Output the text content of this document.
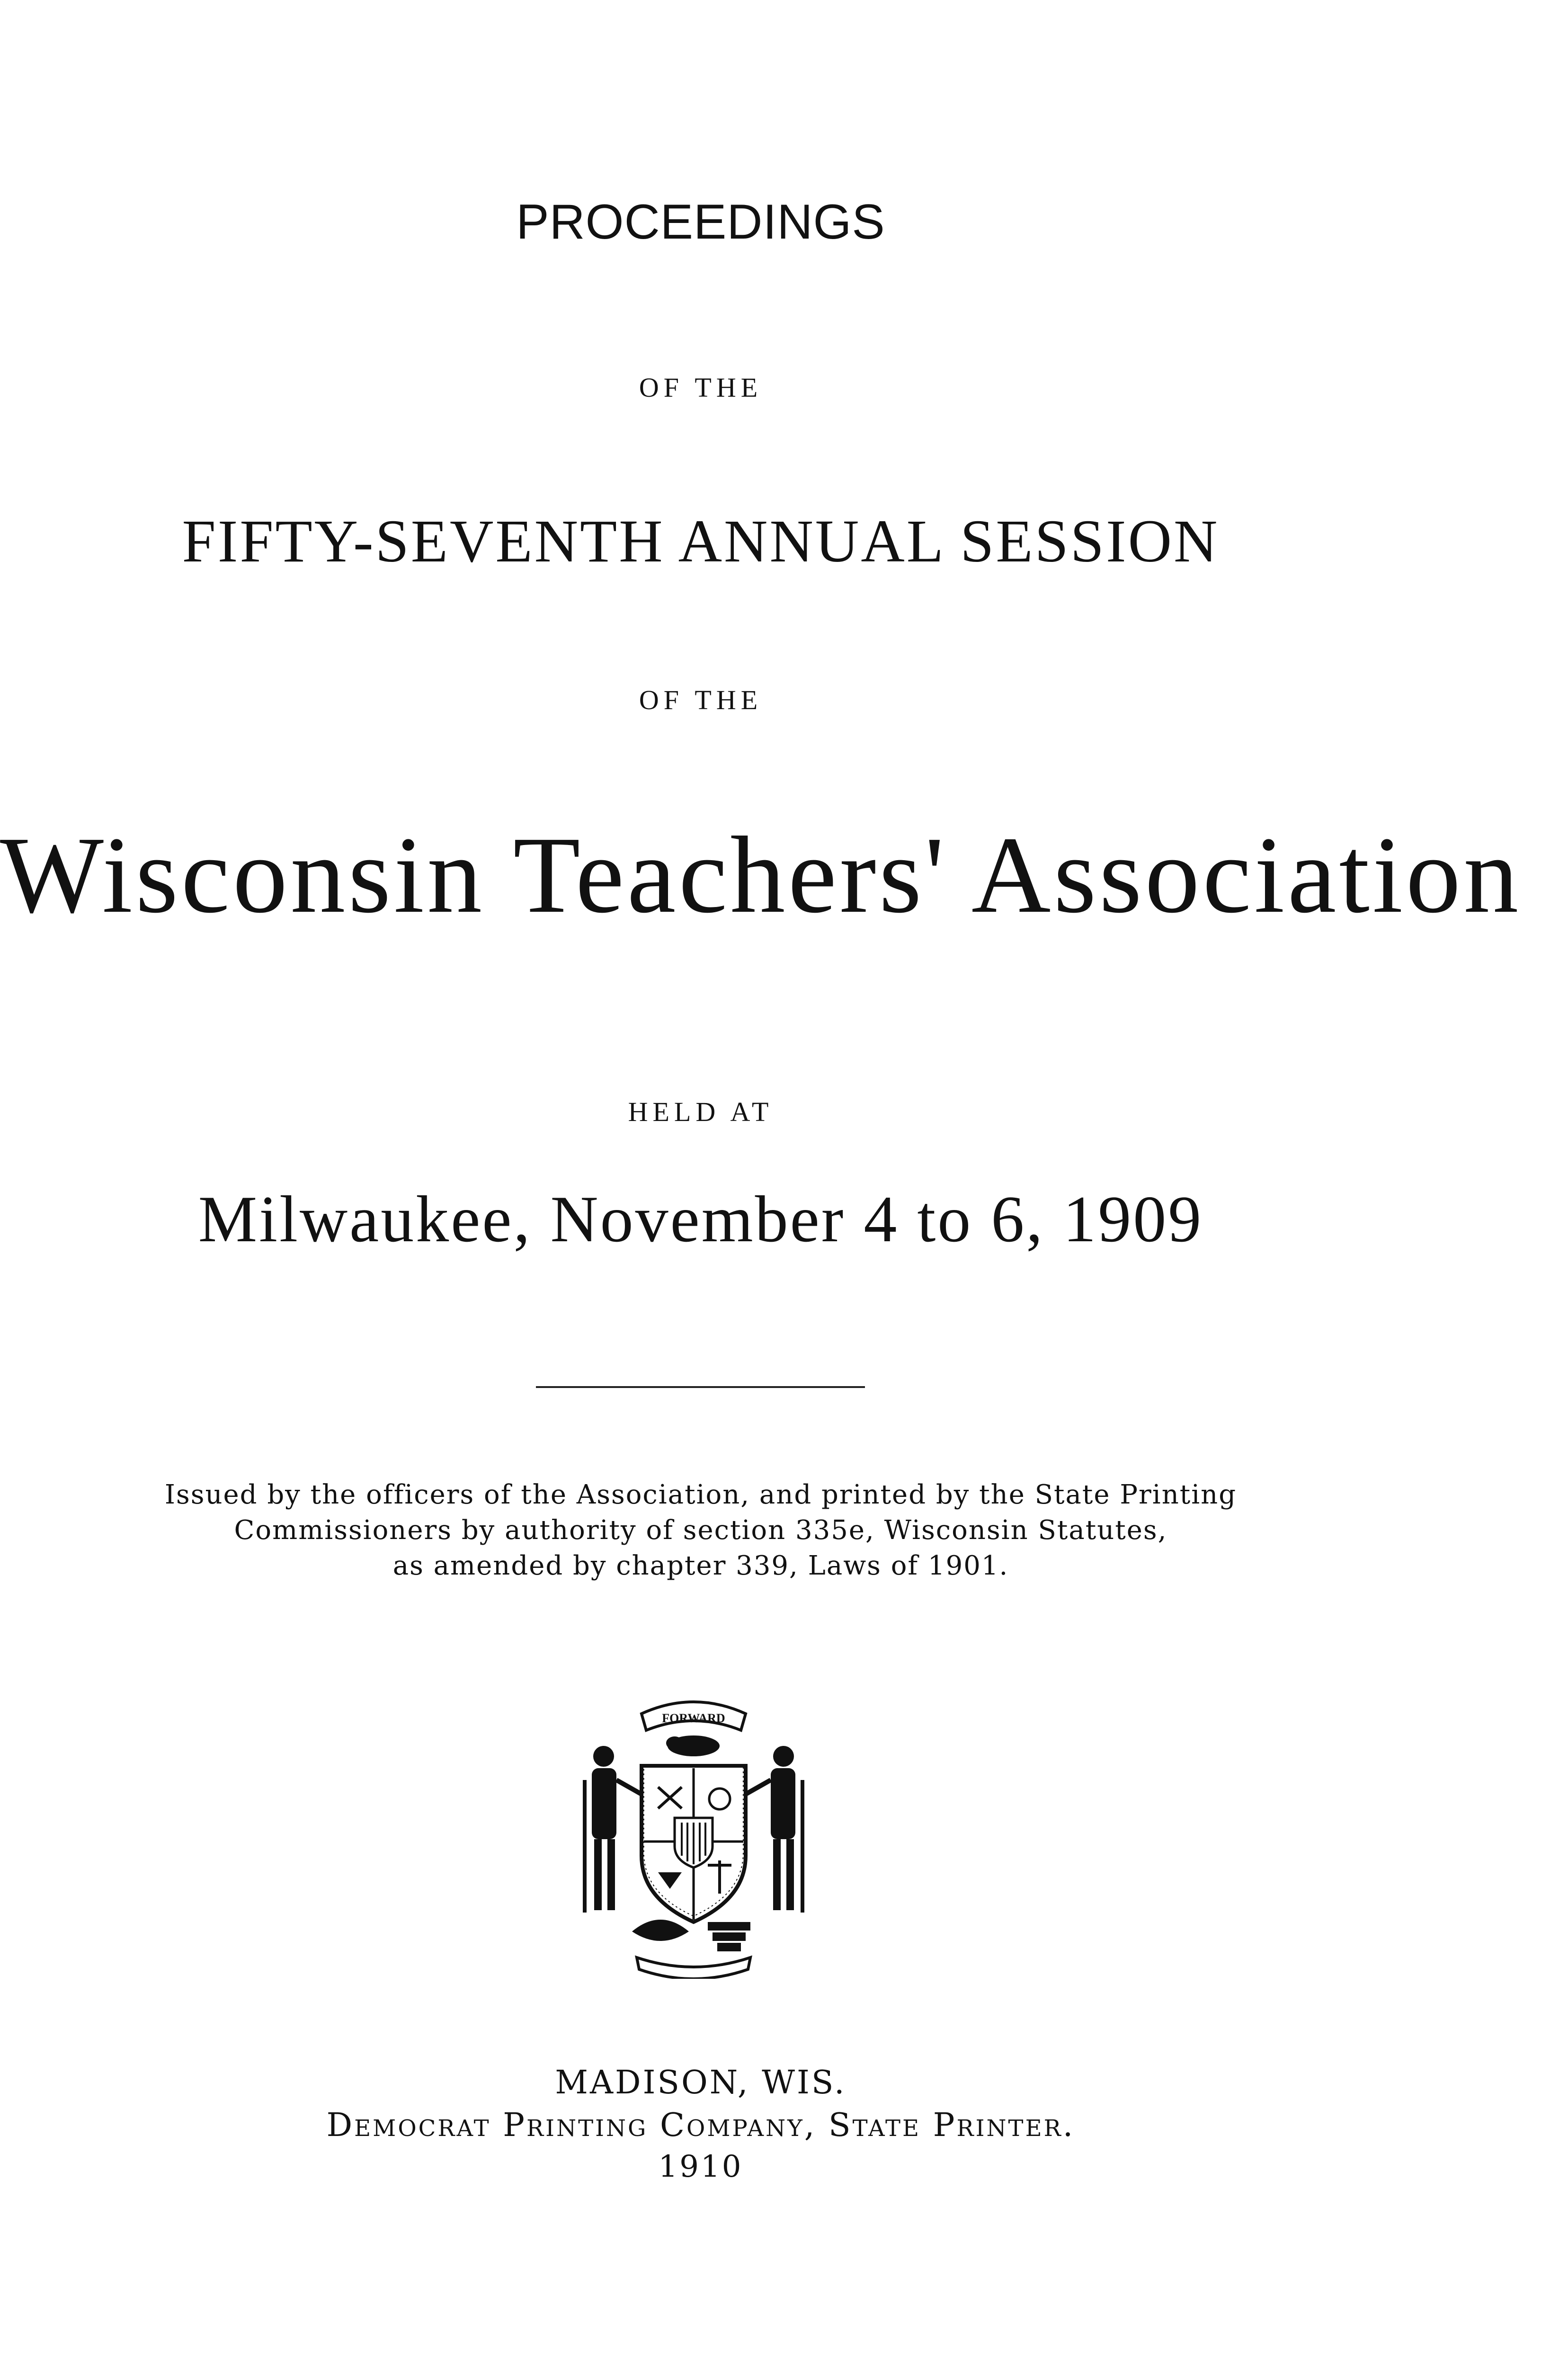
PROCEEDINGS

OF THE

FIFTY-SEVENTH ANNUAL SESSION

OF THE

Wisconsin Teachers' Association

HELD AT

Milwaukee, November 4 to 6, 1909

Issued by the officers of the Association, and printed by the State Printing

Commissioners by authority of section 335e, Wisconsin Statutes,

as amended by chapter 339, Laws of 1901.

FORWARD

MADISON, WIS.

Democrat Printing Company, State Printer.

1910
